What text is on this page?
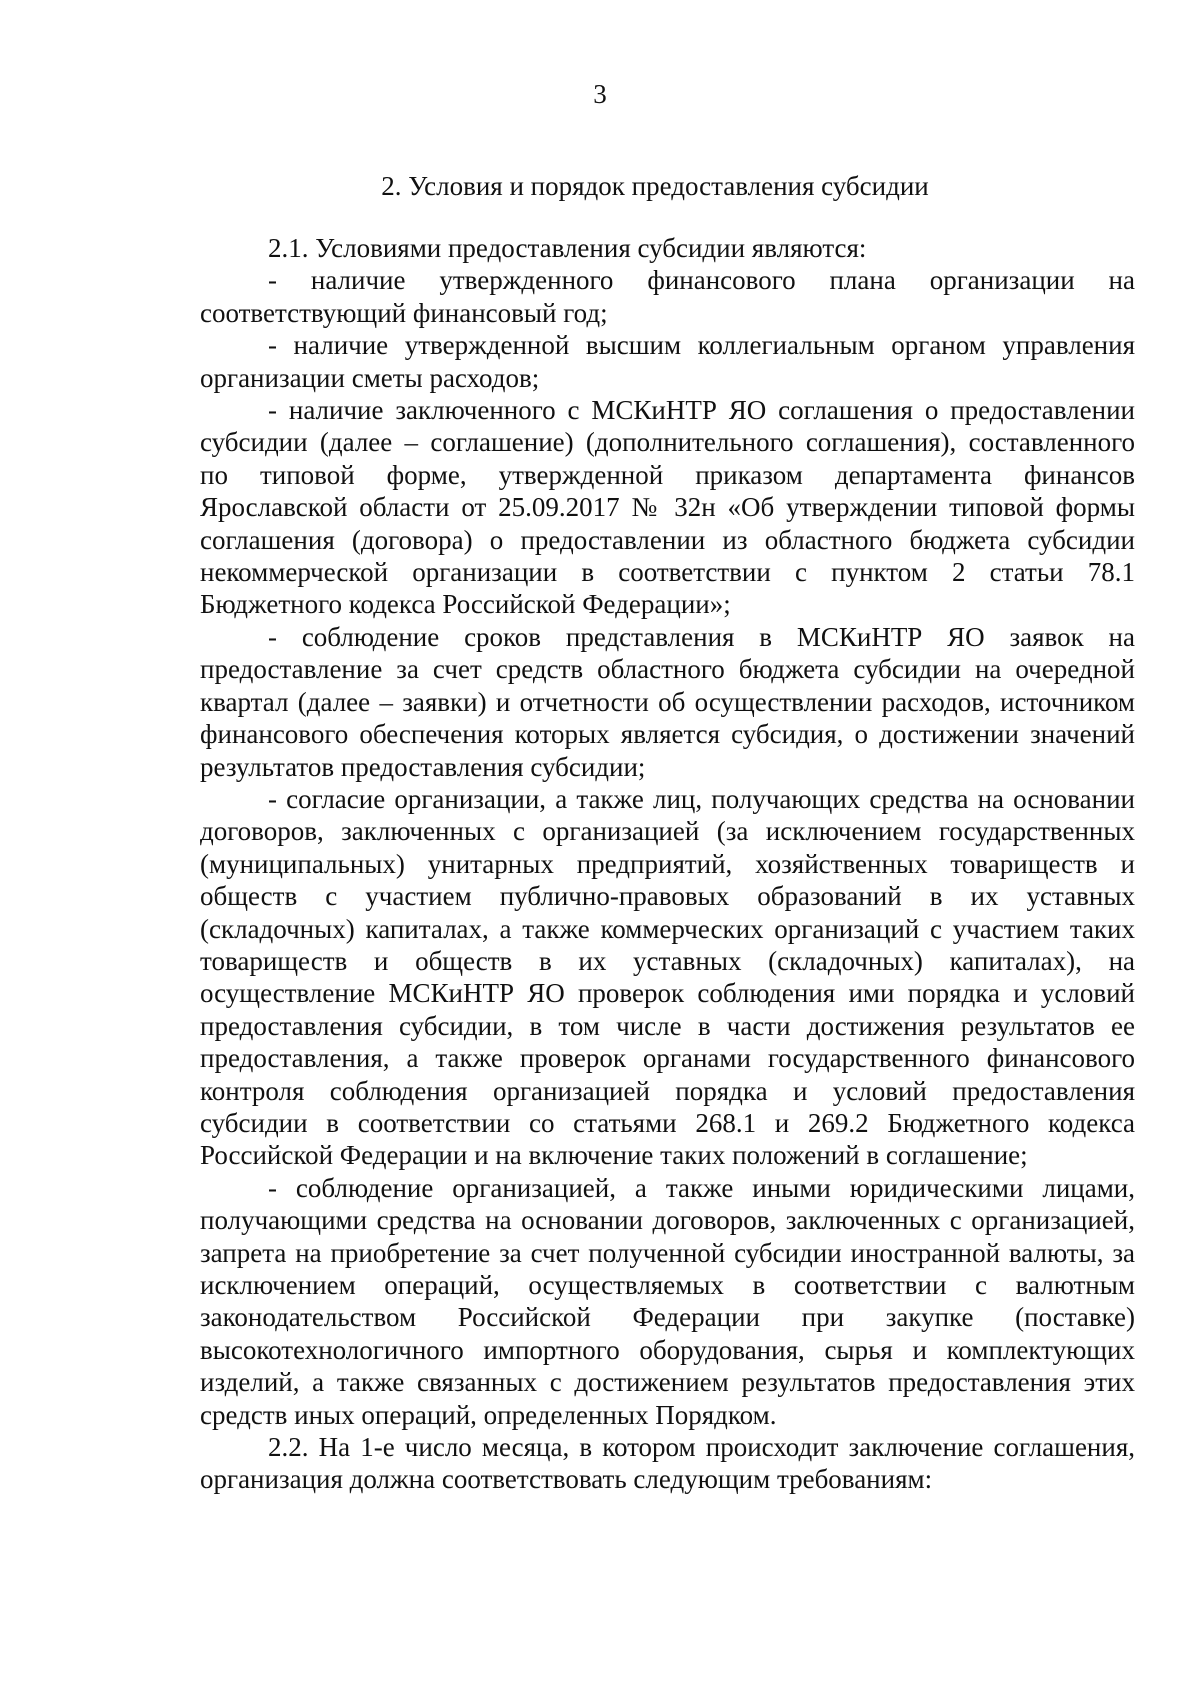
3
2. Условия и порядок предоставления субсидии

2.1. Условиями предоставления субсидии являются:

- наличие утвержденного финансового плана организации на соответствующий финансовый год;

- наличие утвержденной высшим коллегиальным органом управления организации сметы расходов;

- наличие заключенного с МСКиНТР ЯО соглашения о предоставлении субсидии (далее – соглашение) (дополнительного соглашения), составленного по типовой форме, утвержденной приказом департамента финансов Ярославской области от 25.09.2017 № 32н «Об утверждении типовой формы соглашения (договора) о предоставлении из областного бюджета субсидии некоммерческой организации в соответствии с пунктом 2 статьи 78.1 Бюджетного кодекса Российской Федерации»;

- соблюдение сроков представления в МСКиНТР ЯО заявок на предоставление за счет средств областного бюджета субсидии на очередной квартал (далее – заявки) и отчетности об осуществлении расходов, источником финансового обеспечения которых является субсидия, о достижении значений результатов предоставления субсидии;

- согласие организации, а также лиц, получающих средства на основании договоров, заключенных с организацией (за исключением государственных (муниципальных) унитарных предприятий, хозяйственных товариществ и обществ с участием публично-правовых образований в их уставных (складочных) капиталах, а также коммерческих организаций с участием таких товариществ и обществ в их уставных (складочных) капиталах), на осуществление МСКиНТР ЯО проверок соблюдения ими порядка и условий предоставления субсидии, в том числе в части достижения результатов ее предоставления, а также проверок органами государственного финансового контроля соблюдения организацией порядка и условий предоставления субсидии в соответствии со статьями 268.1 и 269.2 Бюджетного кодекса Российской Федерации и на включение таких положений в соглашение;

- соблюдение организацией, а также иными юридическими лицами, получающими средства на основании договоров, заключенных с организацией, запрета на приобретение за счет полученной субсидии иностранной валюты, за исключением операций, осуществляемых в соответствии с валютным законодательством Российской Федерации при закупке (поставке) высокотехнологичного импортного оборудования, сырья и комплектующих изделий, а также связанных с достижением результатов предоставления этих средств иных операций, определенных Порядком.

2.2. На 1-е число месяца, в котором происходит заключение соглашения, организация должна соответствовать следующим требованиям:
